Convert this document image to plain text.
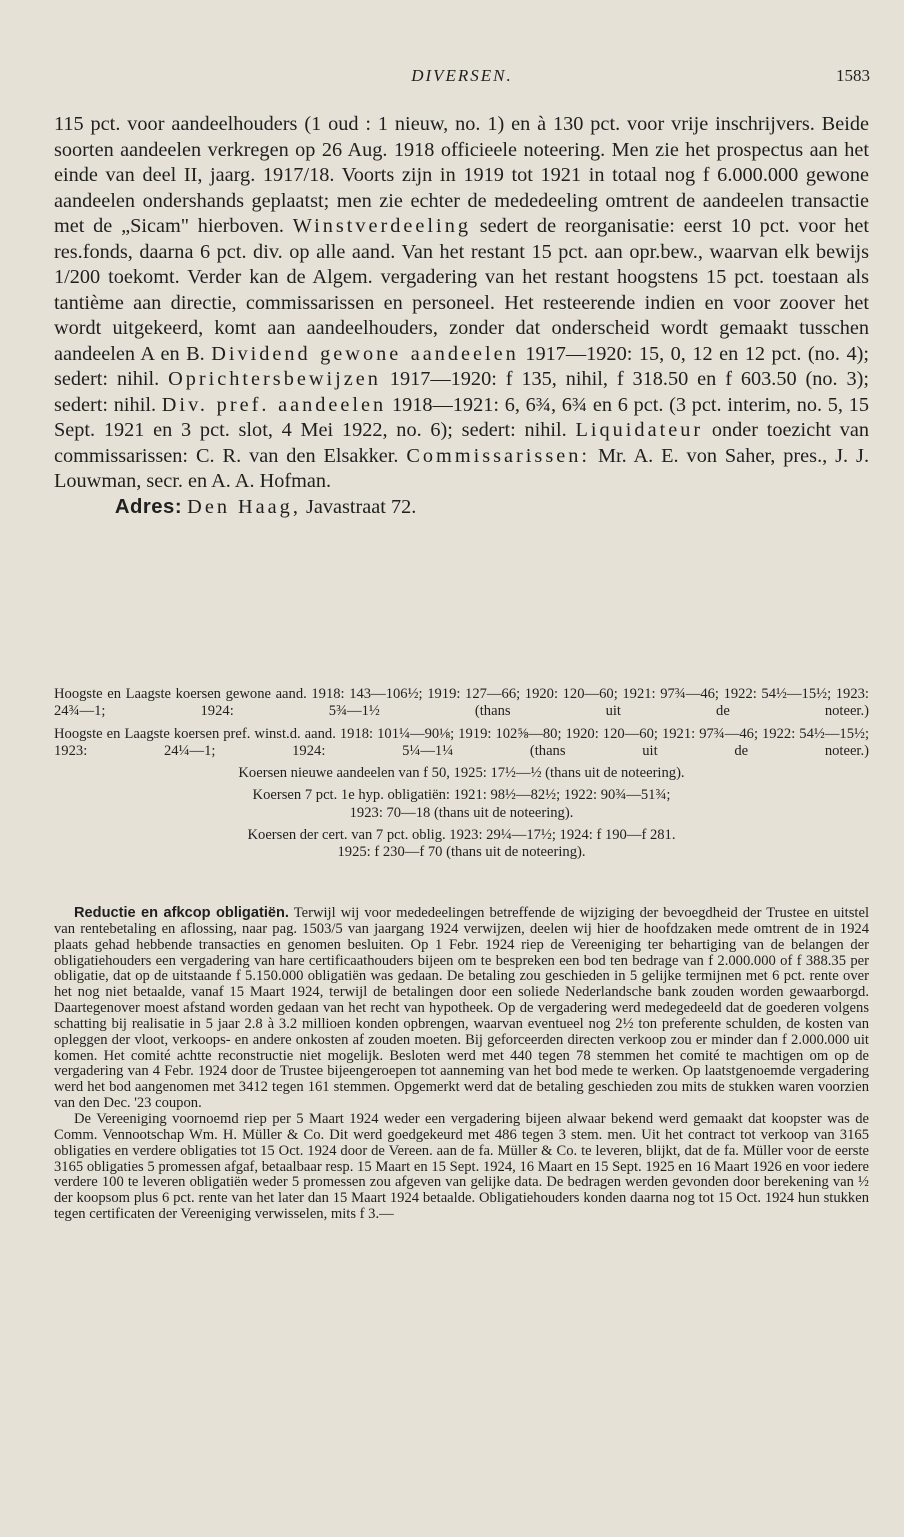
DIVERSEN.	1583

115 pct. voor aandeelhouders (1 oud : 1 nieuw, no. 1) en à 130 pct. voor vrije inschrijvers. Beide soorten aandeelen verkregen op 26 Aug. 1918 officieele noteering. Men zie het prospectus aan het einde van deel II, jaarg. 1917/18. Voorts zijn in 1919 tot 1921 in totaal nog f 6.000.000 gewone aandeelen ondershands geplaatst; men zie echter de mededeeling omtrent de aandeelen transactie met de „Sicam" hierboven. Winstverdeeling sedert de reorganisatie: eerst 10 pct. voor het res.fonds, daarna 6 pct. div. op alle aand. Van het restant 15 pct. aan opr.bew., waarvan elk bewijs 1/200 toekomt. Verder kan de Algem. vergadering van het restant hoogstens 15 pct. toestaan als tantième aan directie, commissarissen en personeel. Het resteerende indien en voor zoover het wordt uitgekeerd, komt aan aandeelhouders, zonder dat onderscheid wordt gemaakt tusschen aandeelen A en B. Dividend gewone aandeelen 1917—1920: 15, 0, 12 en 12 pct. (no. 4); sedert: nihil. Oprichtersbewijzen 1917—1920: f 135, nihil, f 318.50 en f 603.50 (no. 3); sedert: nihil. Div. pref. aandeelen 1918—1921: 6, 6¾, 6¾ en 6 pct. (3 pct. interim, no. 5, 15 Sept. 1921 en 3 pct. slot, 4 Mei 1922, no. 6); sedert: nihil. Liquidateur onder toezicht van commissarissen: C. R. van den Elsakker. Commissarissen: Mr. A. E. von Saher, pres., J. J. Louwman, secr. en A. A. Hofman.

Adres: Den Haag, Javastraat 72.

Hoogste en Laagste koersen gewone aand. 1918: 143—106½; 1919: 127—66; 1920: 120—60; 1921: 97¾—46; 1922: 54½—15½; 1923: 24¾—1; 1924: 5¾—1½ (thans uit de noteer.)

Hoogste en Laagste koersen pref. winst.d. aand. 1918: 101¼—90⅛; 1919: 102⅝—80; 1920: 120—60; 1921: 97¾—46; 1922: 54½—15½; 1923: 24¼—1; 1924: 5¼—1¼ (thans uit de noteer.)

Koersen nieuwe aandeelen van f 50, 1925: 17½—½ (thans uit de noteering).

Koersen 7 pct. 1e hyp. obligatiën: 1921: 98½—82½; 1922: 90¾—51¾;
1923: 70—18 (thans uit de noteering).

Koersen der cert. van 7 pct. oblig. 1923: 29¼—17½; 1924: f 190—f 281.
1925: f 230—f 70 (thans uit de noteering).

Reductie en afkcop obligatiën. Terwijl wij voor mededeelingen betreffende de wijziging der bevoegdheid der Trustee en uitstel van rentebetaling en aflossing, naar pag. 1503/5 van jaargang 1924 verwijzen, deelen wij hier de hoofdzaken mede omtrent de in 1924 plaats gehad hebbende transacties en genomen besluiten. Op 1 Febr. 1924 riep de Vereeniging ter behartiging van de belangen der obligatiehouders een vergadering van hare certificaathouders bijeen om te bespreken een bod ten bedrage van f 2.000.000 of f 388.35 per obligatie, dat op de uitstaande f 5.150.000 obligatiën was gedaan. De betaling zou geschieden in 5 gelijke termijnen met 6 pct. rente over het nog niet betaalde, vanaf 15 Maart 1924, terwijl de betalingen door een soliede Nederlandsche bank zouden worden gewaarborgd. Daartegenover moest afstand worden gedaan van het recht van hypotheek. Op de vergadering werd medegedeeld dat de goederen volgens schatting bij realisatie in 5 jaar 2.8 à 3.2 millioen konden opbrengen, waarvan eventueel nog 2½ ton preferente schulden, de kosten van opleggen der vloot, verkoops- en andere onkosten af zouden moeten. Bij geforceerden directen verkoop zou er minder dan f 2.000.000 uit komen. Het comité achtte reconstructie niet mogelijk. Besloten werd met 440 tegen 78 stemmen het comité te machtigen om op de vergadering van 4 Febr. 1924 door de Trustee bijeengeroepen tot aanneming van het bod mede te werken. Op laatstgenoemde vergadering werd het bod aangenomen met 3412 tegen 161 stemmen. Opgemerkt werd dat de betaling geschieden zou mits de stukken waren voorzien van den Dec. '23 coupon.

De Vereeniging voornoemd riep per 5 Maart 1924 weder een vergadering bijeen alwaar bekend werd gemaakt dat koopster was de Comm. Vennootschap Wm. H. Müller & Co. Dit werd goedgekeurd met 486 tegen 3 stem. men. Uit het contract tot verkoop van 3165 obligaties en verdere obligaties tot 15 Oct. 1924 door de Vereen. aan de fa. Müller & Co. te leveren, blijkt, dat de fa. Müller voor de eerste 3165 obligaties 5 promessen afgaf, betaalbaar resp. 15 Maart en 15 Sept. 1924, 16 Maart en 15 Sept. 1925 en 16 Maart 1926 en voor iedere verdere 100 te leveren obligatiën weder 5 promessen zou afgeven van gelijke data. De bedragen werden gevonden door berekening van ½ der koopsom plus 6 pct. rente van het later dan 15 Maart 1924 betaalde. Obligatiehouders konden daarna nog tot 15 Oct. 1924 hun stukken tegen certificaten der Vereeniging verwisselen, mits f 3.—
